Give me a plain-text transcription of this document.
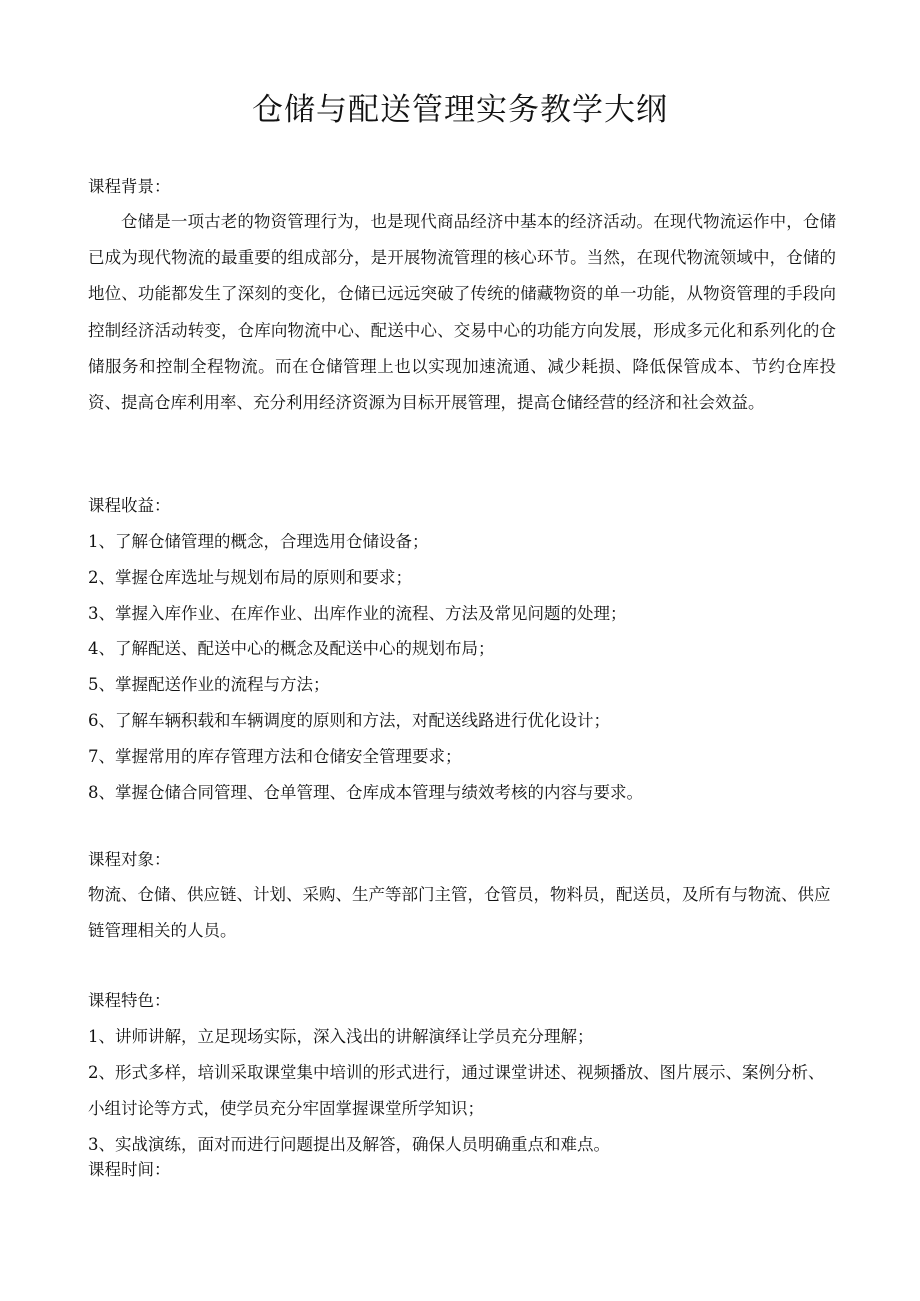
仓储与配送管理实务教学大纲

课程背景：

仓储是一项古老的物资管理行为，也是现代商品经济中基本的经济活动。在现代物流运作中，仓储已成为现代物流的最重要的组成部分，是开展物流管理的核心环节。当然，在现代物流领域中，仓储的地位、功能都发生了深刻的变化，仓储已远远突破了传统的储藏物资的单一功能，从物资管理的手段向控制经济活动转变，仓库向物流中心、配送中心、交易中心的功能方向发展，形成多元化和系列化的仓储服务和控制全程物流。而在仓储管理上也以实现加速流通、减少耗损、降低保管成本、节约仓库投资、提高仓库利用率、充分利用经济资源为目标开展管理，提高仓储经营的经济和社会效益。

课程收益：

1、了解仓储管理的概念，合理选用仓储设备；
2、掌握仓库选址与规划布局的原则和要求；
3、掌握入库作业、在库作业、出库作业的流程、方法及常见问题的处理；
4、了解配送、配送中心的概念及配送中心的规划布局；
5、掌握配送作业的流程与方法；
6、了解车辆积载和车辆调度的原则和方法，对配送线路进行优化设计；
7、掌握常用的库存管理方法和仓储安全管理要求；
8、掌握仓储合同管理、仓单管理、仓库成本管理与绩效考核的内容与要求。

课程对象：

物流、仓储、供应链、计划、采购、生产等部门主管，仓管员，物料员，配送员，及所有与物流、供应链管理相关的人员。

课程特色：

1、讲师讲解，立足现场实际，深入浅出的讲解演绎让学员充分理解；
2、形式多样，培训采取课堂集中培训的形式进行，通过课堂讲述、视频播放、图片展示、案例分析、小组讨论等方式，使学员充分牢固掌握课堂所学知识；
3、实战演练，面对而进行问题提出及解答，确保人员明确重点和难点。

课程时间：
